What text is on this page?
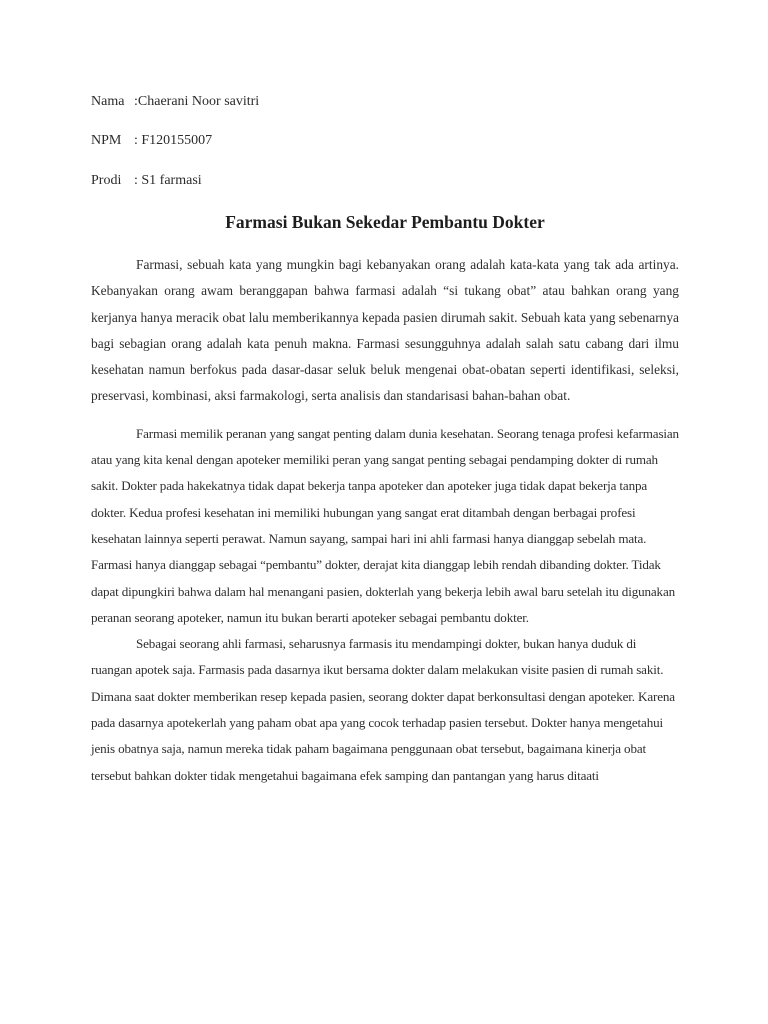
Nama :Chaerani Noor savitri
NPM : F120155007
Prodi : S1 farmasi
Farmasi Bukan Sekedar Pembantu Dokter

Farmasi, sebuah kata yang mungkin bagi kebanyakan orang adalah kata-kata yang tak ada artinya. Kebanyakan orang awam beranggapan bahwa farmasi adalah “si tukang obat” atau bahkan orang yang kerjanya hanya meracik obat lalu memberikannya kepada pasien dirumah sakit. Sebuah kata yang sebenarnya bagi sebagian orang adalah kata penuh makna. Farmasi sesungguhnya adalah salah satu cabang dari ilmu kesehatan namun berfokus pada dasar-dasar seluk beluk mengenai obat-obatan seperti identifikasi, seleksi, preservasi, kombinasi, aksi farmakologi, serta analisis dan standarisasi bahan-bahan obat.

Farmasi memilik peranan yang sangat penting dalam dunia kesehatan. Seorang tenaga profesi kefarmasian atau yang kita kenal dengan apoteker memiliki peran yang sangat penting sebagai pendamping dokter di rumah sakit. Dokter pada hakekatnya tidak dapat bekerja tanpa apoteker dan apoteker juga tidak dapat bekerja tanpa dokter. Kedua profesi kesehatan ini memiliki hubungan yang sangat erat ditambah dengan berbagai profesi kesehatan lainnya seperti perawat. Namun sayang, sampai hari ini ahli farmasi hanya dianggap sebelah mata. Farmasi hanya dianggap sebagai “pembantu” dokter, derajat kita dianggap lebih rendah dibanding dokter. Tidak dapat dipungkiri bahwa dalam hal menangani pasien, dokterlah yang bekerja lebih awal baru setelah itu digunakan peranan seorang apoteker, namun itu bukan berarti apoteker sebagai pembantu dokter.

Sebagai seorang ahli farmasi, seharusnya farmasis itu mendampingi dokter, bukan hanya duduk di ruangan apotek saja. Farmasis pada dasarnya ikut bersama dokter dalam melakukan visite pasien di rumah sakit. Dimana saat dokter memberikan resep kepada pasien, seorang dokter dapat berkonsultasi dengan apoteker. Karena pada dasarnya apotekerlah yang paham obat apa yang cocok terhadap pasien tersebut. Dokter hanya mengetahui jenis obatnya saja, namun mereka tidak paham bagaimana penggunaan obat tersebut, bagaimana kinerja obat tersebut bahkan dokter tidak mengetahui bagaimana efek samping dan pantangan yang harus ditaati
